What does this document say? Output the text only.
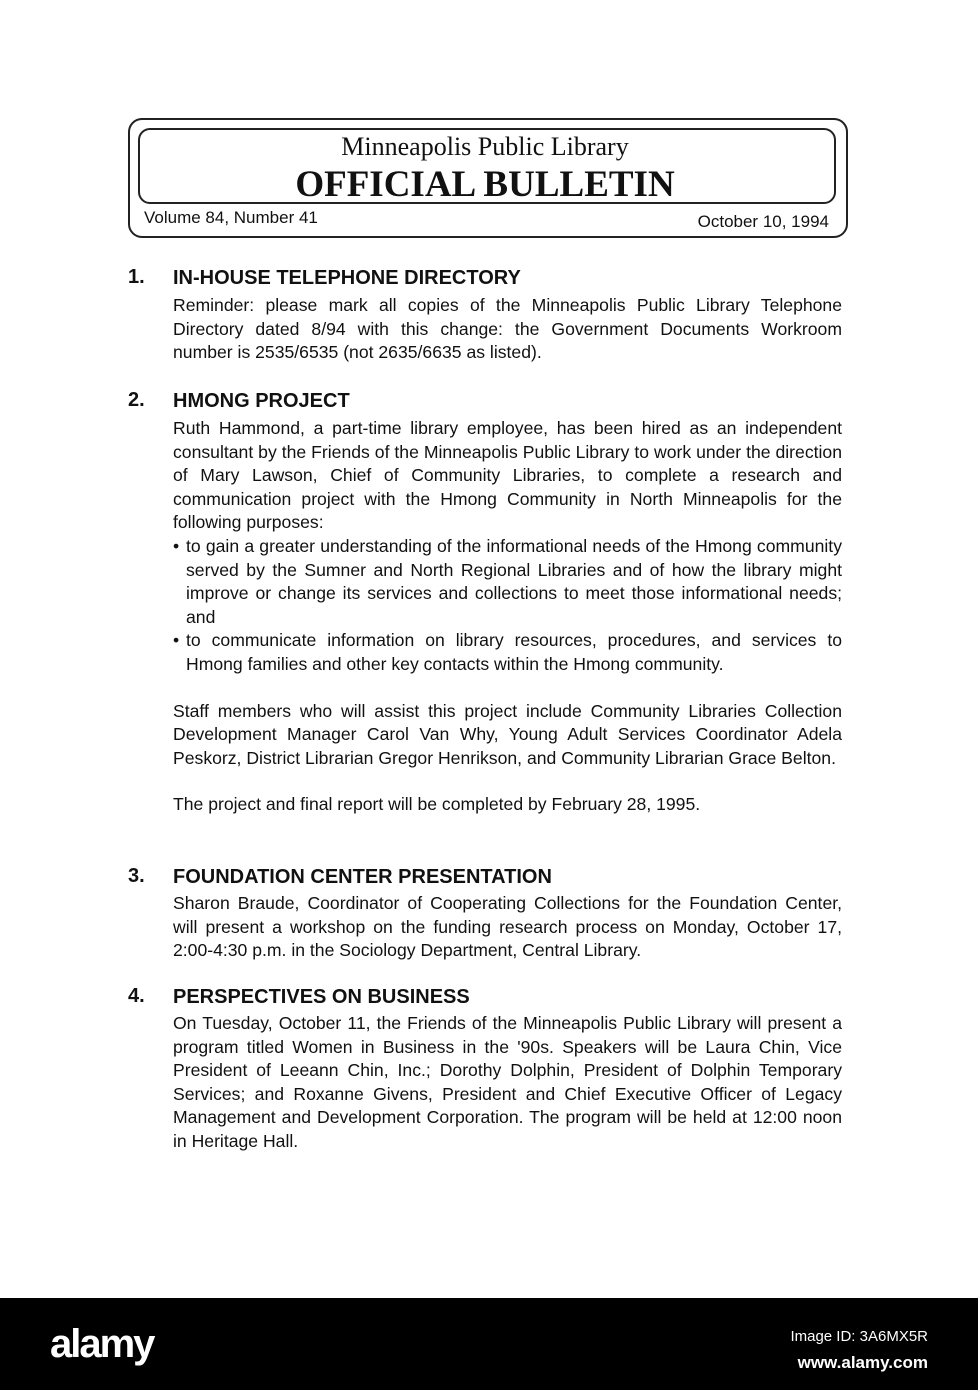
Minneapolis Public Library
OFFICIAL BULLETIN
Volume 84, Number 41	October 10, 1994
1. IN-HOUSE TELEPHONE DIRECTORY
Reminder: please mark all copies of the Minneapolis Public Library Telephone Directory dated 8/94 with this change: the Government Documents Workroom number is 2535/6535 (not 2635/6635 as listed).
2. HMONG PROJECT
Ruth Hammond, a part-time library employee, has been hired as an independent consultant by the Friends of the Minneapolis Public Library to work under the direction of Mary Lawson, Chief of Community Libraries, to complete a research and communication project with the Hmong Community in North Minneapolis for the following purposes:
• to gain a greater understanding of the informational needs of the Hmong community served by the Sumner and North Regional Libraries and of how the library might improve or change its services and collections to meet those informational needs; and
• to communicate information on library resources, procedures, and services to Hmong families and other key contacts within the Hmong community.
Staff members who will assist this project include Community Libraries Collection Development Manager Carol Van Why, Young Adult Services Coordinator Adela Peskorz, District Librarian Gregor Henrikson, and Community Librarian Grace Belton.
The project and final report will be completed by February 28, 1995.
3. FOUNDATION CENTER PRESENTATION
Sharon Braude, Coordinator of Cooperating Collections for the Foundation Center, will present a workshop on the funding research process on Monday, October 17, 2:00-4:30 p.m. in the Sociology Department, Central Library.
4. PERSPECTIVES ON BUSINESS
On Tuesday, October 11, the Friends of the Minneapolis Public Library will present a program titled Women in Business in the '90s. Speakers will be Laura Chin, Vice President of Leeann Chin, Inc.; Dorothy Dolphin, President of Dolphin Temporary Services; and Roxanne Givens, President and Chief Executive Officer of Legacy Management and Development Corporation. The program will be held at 12:00 noon in Heritage Hall.
alamy	Image ID: 3A6MX5R
www.alamy.com
